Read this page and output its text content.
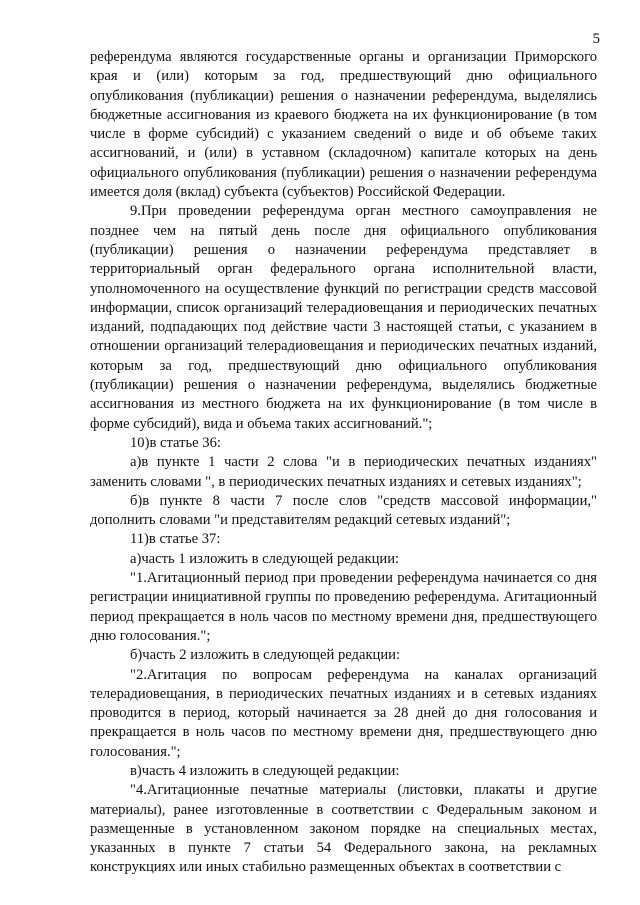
5

референдума являются государственные органы и организации Приморского края и (или) которым за год, предшествующий дню официального опубликования (публикации) решения о назначении референдума, выделялись бюджетные ассигнования из краевого бюджета на их функционирование (в том числе в форме субсидий) с указанием сведений о виде и об объеме таких ассигнований, и (или) в уставном (складочном) капитале которых на день официального опубликования (публикации) решения о назначении референдума имеется доля (вклад) субъекта (субъектов) Российской Федерации.

9.При проведении референдума орган местного самоуправления не позднее чем на пятый день после дня официального опубликования (публикации) решения о назначении референдума представляет в территориальный орган федерального органа исполнительной власти, уполномоченного на осуществление функций по регистрации средств массовой информации, список организаций телерадиовещания и периодических печатных изданий, подпадающих под действие части 3 настоящей статьи, с указанием в отношении организаций телерадиовещания и периодических печатных изданий, которым за год, предшествующий дню официального опубликования (публикации) решения о назначении референдума, выделялись бюджетные ассигнования из местного бюджета на их функционирование (в том числе в форме субсидий), вида и объема таких ассигнований.";

10)в статье 36:

а)в пункте 1 части 2 слова "и в периодических печатных изданиях" заменить словами ", в периодических печатных изданиях и сетевых изданиях";

б)в пункте 8 части 7 после слов "средств массовой информации," дополнить словами "и представителям редакций сетевых изданий";

11)в статье 37:

а)часть 1 изложить в следующей редакции:

"1.Агитационный период при проведении референдума начинается со дня регистрации инициативной группы по проведению референдума. Агитационный период прекращается в ноль часов по местному времени дня, предшествующего дню голосования.";

б)часть 2 изложить в следующей редакции:

"2.Агитация по вопросам референдума на каналах организаций телерадиовещания, в периодических печатных изданиях и в сетевых изданиях проводится в период, который начинается за 28 дней до дня голосования и прекращается в ноль часов по местному времени дня, предшествующего дню голосования.";

в)часть 4 изложить в следующей редакции:

"4.Агитационные печатные материалы (листовки, плакаты и другие материалы), ранее изготовленные в соответствии с Федеральным законом и размещенные в установленном законом порядке на специальных местах, указанных в пункте 7 статьи 54 Федерального закона, на рекламных конструкциях или иных стабильно размещенных объектах в соответствии с
